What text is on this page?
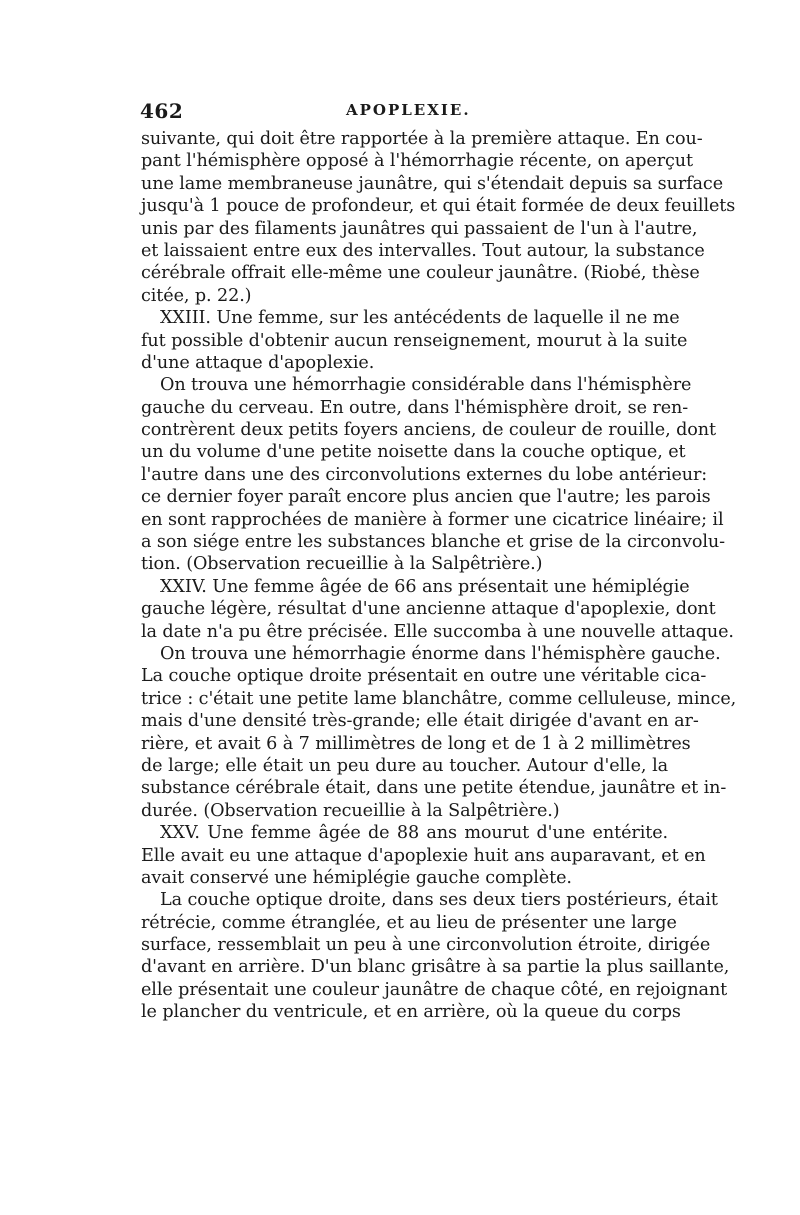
462	APOPLEXIE.
suivante, qui doit être rapportée à la première attaque. En cou-
pant l'hémisphère opposé à l'hémorrhagie récente, on aperçut
une lame membraneuse jaunâtre, qui s'étendait depuis sa surface
jusqu'à 1 pouce de profondeur, et qui était formée de deux feuillets
unis par des filaments jaunâtres qui passaient de l'un à l'autre,
et laissaient entre eux des intervalles. Tout autour, la substance
cérébrale offrait elle-même une couleur jaunâtre. (Riobé, thèse
citée, p. 22.)
XXIII. Une femme, sur les antécédents de laquelle il ne me
fut possible d'obtenir aucun renseignement, mourut à la suite
d'une attaque d'apoplexie.
On trouva une hémorrhagie considérable dans l'hémisphère
gauche du cerveau. En outre, dans l'hémisphère droit, se ren-
contrèrent deux petits foyers anciens, de couleur de rouille, dont
un du volume d'une petite noisette dans la couche optique, et
l'autre dans une des circonvolutions externes du lobe antérieur:
ce dernier foyer paraît encore plus ancien que l'autre; les parois
en sont rapprochées de manière à former une cicatrice linéaire; il
a son siége entre les substances blanche et grise de la circonvolu-
tion. (Observation recueillie à la Salpêtrière.)
XXIV. Une femme âgée de 66 ans présentait une hémiplégie
gauche légère, résultat d'une ancienne attaque d'apoplexie, dont
la date n'a pu être précisée. Elle succomba à une nouvelle attaque.
On trouva une hémorrhagie énorme dans l'hémisphère gauche.
La couche optique droite présentait en outre une véritable cica-
trice : c'était une petite lame blanchâtre, comme celluleuse, mince,
mais d'une densité très-grande; elle était dirigée d'avant en ar-
rière, et avait 6 à 7 millimètres de long et de 1 à 2 millimètres
de large; elle était un peu dure au toucher. Autour d'elle, la
substance cérébrale était, dans une petite étendue, jaunâtre et in-
durée. (Observation recueillie à la Salpêtrière.)
XXV. Une femme âgée de 88 ans mourut d'une entérite.
Elle avait eu une attaque d'apoplexie huit ans auparavant, et en
avait conservé une hémiplégie gauche complète.
La couche optique droite, dans ses deux tiers postérieurs, était
rétrécie, comme étranglée, et au lieu de présenter une large
surface, ressemblait un peu à une circonvolution étroite, dirigée
d'avant en arrière. D'un blanc grisâtre à sa partie la plus saillante,
elle présentait une couleur jaunâtre de chaque côté, en rejoignant
le plancher du ventricule, et en arrière, où la queue du corps
